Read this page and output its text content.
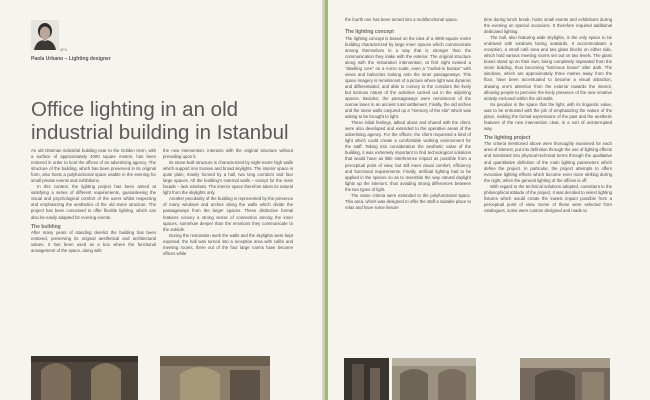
APIL
Paola Urbano – Lighting designer
Office lighting in an old industrial building in Istanbul

An old Ottoman industrial building near to the Golden Horn, with a surface of approximately 4000 square meters, has been restored in order to host the offices of an advertising agency. The structure of the building, which has been preserved in its original form, also hosts a polyfunctional space usable in the evening for small private events and exhibitions.

In this context, the lighting project has been aimed at satisfying a series of different requirements, guaranteeing the visual and psychological comfort of the users whilst respecting and emphasizing the aesthetics of the old stone structure. The project has been conceived to offer flexible lighting, which can also be easily adapted for evening events.

The building

After many years of standing derelict the building has been restored, preserving its original aesthetical and architectural values. It has been used as a box where the functional arrangement of the space, along with

the new intervention, interacts with the original structure without prevailing upon it.

Its stone-built structure is characterized by eight-metre high walls which support iron trusses and broad skylights. The interior space is quite plain, mainly formed by a hall, two long corridors and four large spaces. All the building's external walls – except for the main facade – lack windows. The interior space therefore takes its natural light from the skylights only.

Another peculiarity of the building is represented by the presence of many windows and arches along the walls which divide the passageways from the larger spaces. These distinctive formal features convey a strong sense of connection among the inner spaces, somehow deeper than the emotions they communicate to the outside.

During the restoration work the walls and the skylights were kept exposed, the hall was turned into a reception area with cafés and meeting rooms, three out of the four large rooms have become offices while

the fourth one has been turned into a multifunctional space.

The lighting concept

The lighting concept is based on the idea of a 4000-square metre building characterized by large inner spaces which communicate among themselves in a way that is stronger than the communication they make with the exterior. The original structure along with the restoration intervention, at first sight evoked a "dwelling core" on a micro scale, even a "roofed-in bazaar" with views and balconies looking onto the inner passageways. This space imagery is reminiscent of a picture where light was dynamic and differentiated, and able to convey to the corridors the lively but lustrous nature of the activities carried out in the adjoining spaces. Besides, the passageways were reminiscent of the narrow lanes in an ancient rural settlement. Finally, the old arches and the stone walls conjured up a "memory of the site" which was asking to be brought to light.

These initial feelings, talked about and shared with the client, were also developed and extended to the operative areas of the advertising agency. For the offices, the client requested a kind of light which could create a comfortable working environment for the staff. Taking into consideration the aesthetic value of the building, it was extremely important to find technological solutions that would have as little interference impact as possible from a perceptual point of view, but still meet visual comfort, efficiency and functional requirements. Finally, artificial lighting had to be applied in the spaces so as to resemble the way natural daylight lights up the interiors, thus avoiding strong differences between the two types of light.

The same criteria were extended to the polyfunctional space. This area, which was designed to offer the staff a suitable place to relax and have some leisure

time during lunch break, hosts small events and exhibitions during the evening on special occasions. It therefore required additional dedicated lighting.

The hall, also featuring wide skylights, is the only space to be endowed with windows facing outwards. It accommodates a reception, a small café area and two glass blocks on either side, which hold various meeting rooms set out on two levels. The glass boxes stand up on their own, being completely separated from the stone building, thus becoming "luminous boxes" after dark. The windows, which are approximately three metres away from the floor, have been accentuated to become a visual attraction, drawing one's attention from the exterior towards the interior, allowing people to perceive the lively presence of the new creative activity enclosed within the old walls.

So peculiar is the space that the light, with its linguistic value, was to be entrusted with the job of emphasizing the nature of the place, making the formal expressions of the past and the aesthetic features of the new intervention clear, in a sort of uninterrupted way.

The lighting project

The criteria mentioned above were thoroughly examined for each area of interest, put into definition through the use of lighting effects and translated into physical-technical terms through the qualitative and quantitative definition of the main lighting parameters which define the project. In particular, the project attempts to offers evocative lighting effects which become even more striking during the night, when the general lighting of the offices is off.

With regard to the technical solutions adopted, consistent to the philosophical attitude of the project, it was decided to select lighting fixtures which would create the lowest impact possible from a perceptual point of view. Some of these were selected from catalogues, some were custom designed and made to
